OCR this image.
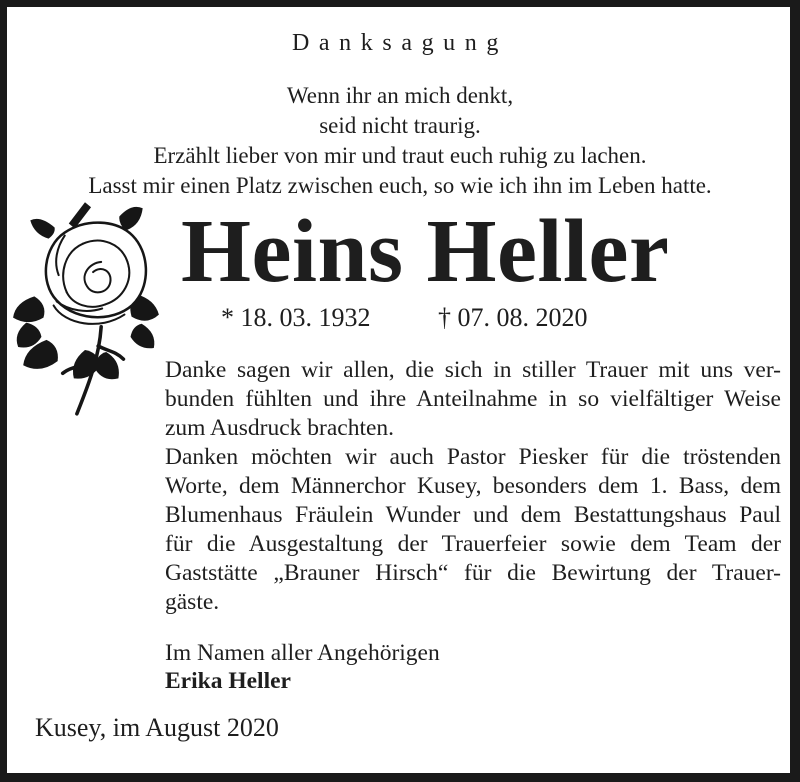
Danksagung
Wenn ihr an mich denkt,
seid nicht traurig.
Erzählt lieber von mir und traut euch ruhig zu lachen.
Lasst mir einen Platz zwischen euch, so wie ich ihn im Leben hatte.
Heins Heller
* 18. 03. 1932	† 07. 08. 2020
Danke sagen wir allen, die sich in stiller Trauer mit uns ver-
bunden fühlten und ihre Anteilnahme in so vielfältiger Weise
zum Ausdruck brachten.
Danken möchten wir auch Pastor Piesker für die tröstenden
Worte, dem Männerchor Kusey, besonders dem 1. Bass, dem
Blumenhaus Fräulein Wunder und dem Bestattungshaus Paul
für die Ausgestaltung der Trauerfeier sowie dem Team der
Gaststätte „Brauner Hirsch“ für die Bewirtung der Trauer-
gäste.
Im Namen aller Angehörigen
Erika Heller
Kusey, im August 2020
